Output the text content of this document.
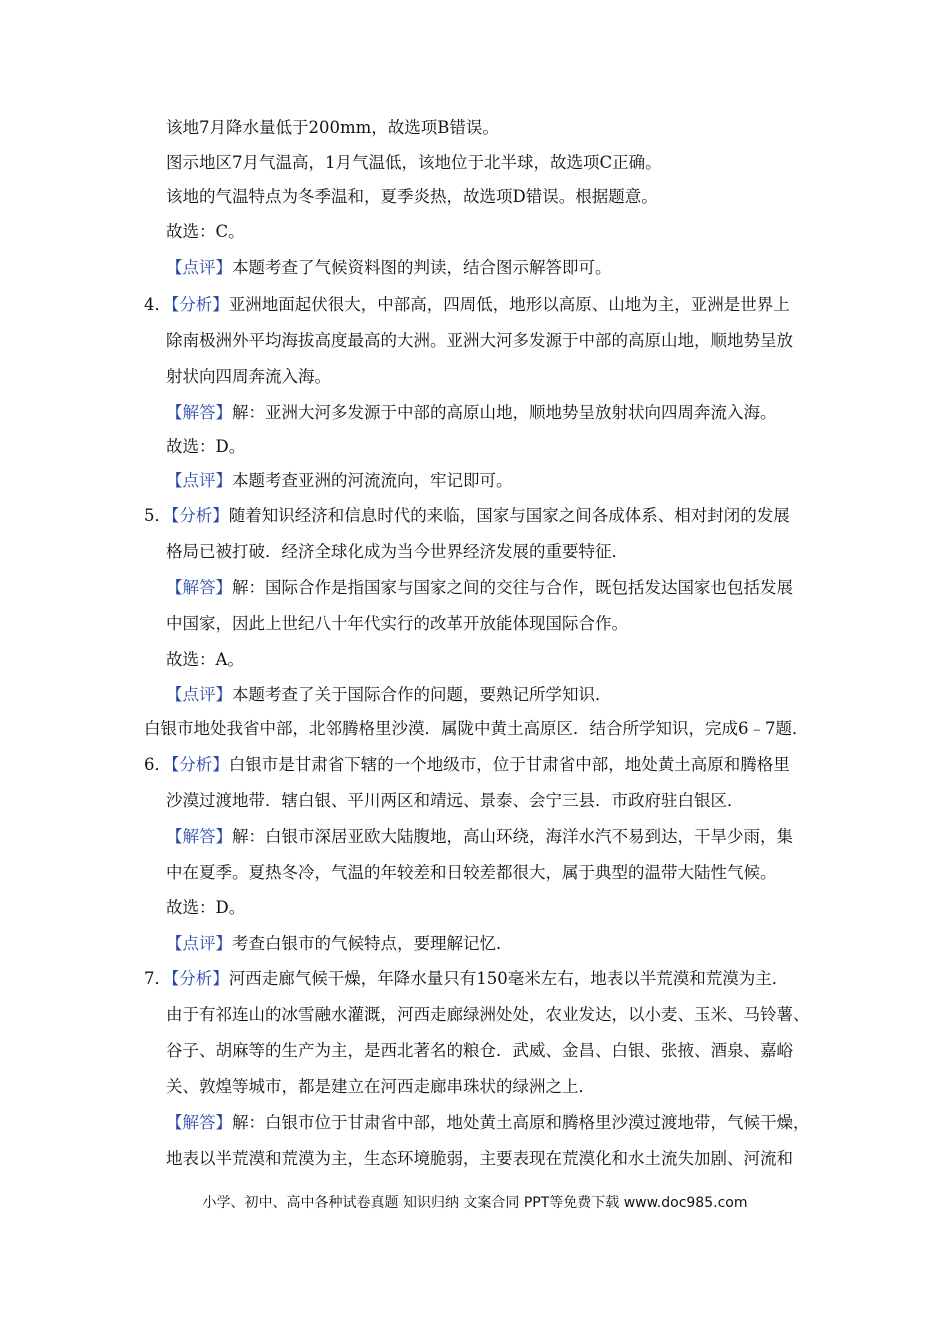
该地7月降水量低于200mm，故选项B错误。
图示地区7月气温高，1月气温低，该地位于北半球，故选项C正确。
该地的气温特点为冬季温和，夏季炎热，故选项D错误。根据题意。
故选：C。
【点评】本题考查了气候资料图的判读，结合图示解答即可。
4．【分析】亚洲地面起伏很大，中部高，四周低，地形以高原、山地为主，亚洲是世界上
除南极洲外平均海拔高度最高的大洲。亚洲大河多发源于中部的高原山地，顺地势呈放
射状向四周奔流入海。
【解答】解：亚洲大河多发源于中部的高原山地，顺地势呈放射状向四周奔流入海。
故选：D。
【点评】本题考查亚洲的河流流向，牢记即可。
5．【分析】随着知识经济和信息时代的来临，国家与国家之间各成体系、相对封闭的发展
格局已被打破．经济全球化成为当今世界经济发展的重要特征．
【解答】解：国际合作是指国家与国家之间的交往与合作，既包括发达国家也包括发展
中国家，因此上世纪八十年代实行的改革开放能体现国际合作。
故选：A。
【点评】本题考查了关于国际合作的问题，要熟记所学知识．
白银市地处我省中部，北邻腾格里沙漠．属陇中黄土高原区．结合所学知识，完成6﹣7题．
6．【分析】白银市是甘肃省下辖的一个地级市，位于甘肃省中部，地处黄土高原和腾格里
沙漠过渡地带．辖白银、平川两区和靖远、景泰、会宁三县．市政府驻白银区．
【解答】解：白银市深居亚欧大陆腹地，高山环绕，海洋水汽不易到达，干旱少雨，集
中在夏季。夏热冬冷，气温的年较差和日较差都很大，属于典型的温带大陆性气候。
故选：D。
【点评】考查白银市的气候特点，要理解记忆．
7．【分析】河西走廊气候干燥，年降水量只有150毫米左右，地表以半荒漠和荒漠为主．
由于有祁连山的冰雪融水灌溉，河西走廊绿洲处处，农业发达，以小麦、玉米、马铃薯、
谷子、胡麻等的生产为主，是西北著名的粮仓．武威、金昌、白银、张掖、酒泉、嘉峪
关、敦煌等城市，都是建立在河西走廊串珠状的绿洲之上．
【解答】解：白银市位于甘肃省中部，地处黄土高原和腾格里沙漠过渡地带，气候干燥，
地表以半荒漠和荒漠为主，生态环境脆弱，主要表现在荒漠化和水土流失加剧、河流和
小学、初中、高中各种试卷真题 知识归纳 文案合同 PPT等免费下载 www.doc985.com
